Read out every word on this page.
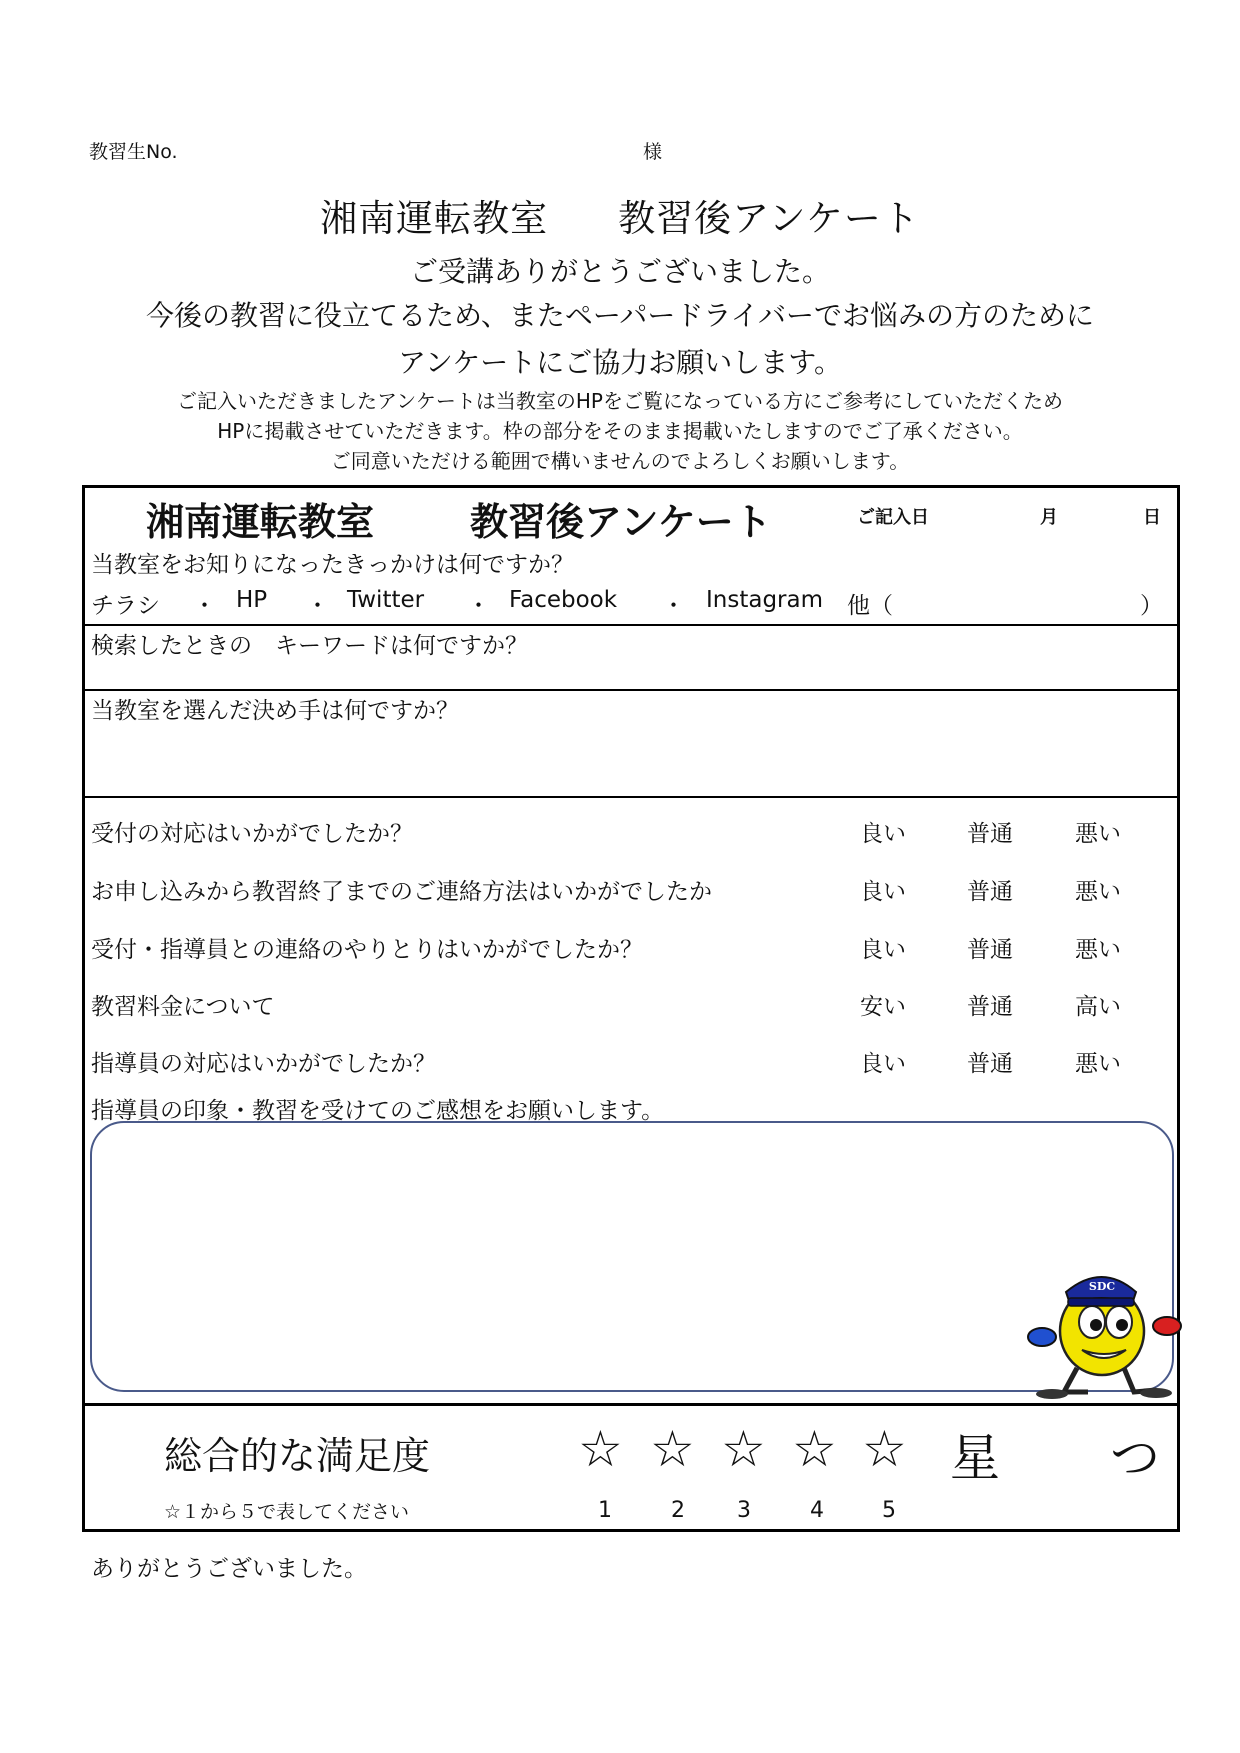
教習生No.	様
湘南運転教室 教習後アンケート
ご受講ありがとうございました。
今後の教習に役立てるため、またペーパードライバーでお悩みの方のために
アンケートにご協力お願いします。
ご記入いただきましたアンケートは当教室のHPをご覧になっている方にご参考にしていただくため
HPに掲載させていただきます。枠の部分をそのまま掲載いたしますのでご了承ください。
ご同意いただける範囲で構いませんのでよろしくお願いします。
湘南運転教室	教習後アンケート	ご記入日	月	日
当教室をお知りになったきっかけは何ですか？
チラシ ・ HP ・ Twitter ・ Facebook ・ Instagram 他（	）
検索したときの　キーワードは何ですか？
当教室を選んだ決め手は何ですか？
受付の対応はいかがでしたか？	良い	普通	悪い
お申し込みから教習終了までのご連絡方法はいかがでしたか	良い	普通	悪い
受付・指導員との連絡のやりとりはいかがでしたか？	良い	普通	悪い
教習料金について	安い	普通	高い
指導員の対応はいかがでしたか？	良い	普通	悪い
指導員の印象・教習を受けてのご感想をお願いします。
SDC
総合的な満足度
☆１から５で表してください
☆ ☆ ☆ ☆ ☆ 星 つ
1	2 3	4	5
ありがとうございました。
